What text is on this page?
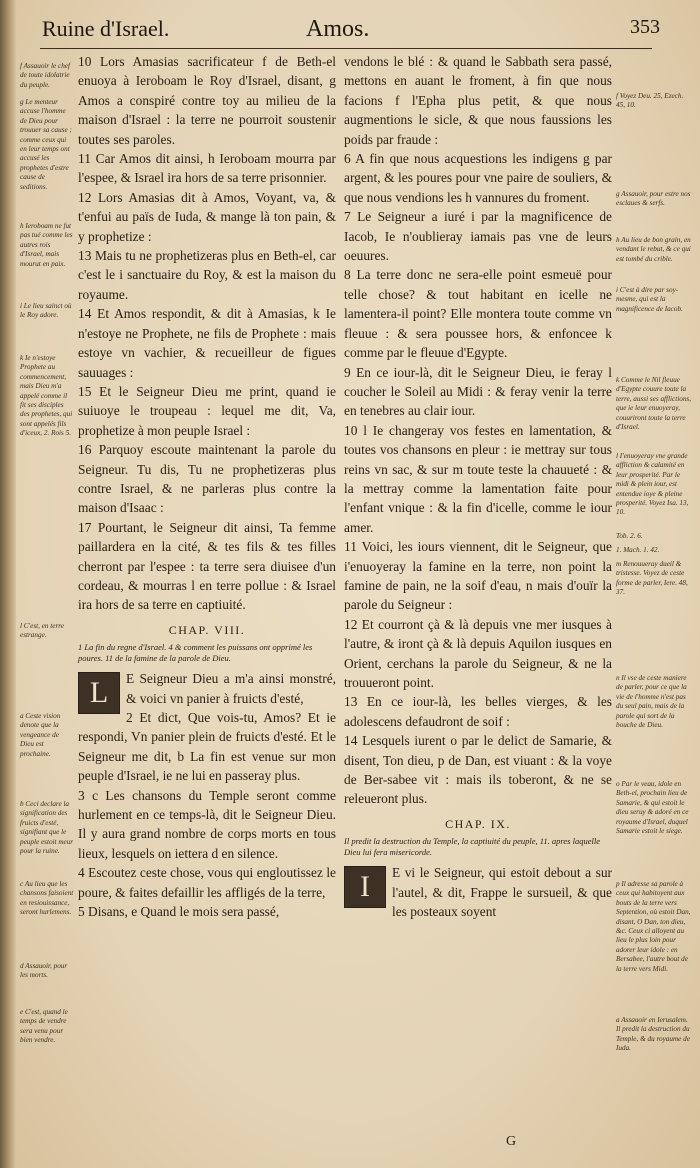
Ruine d'Israel.	Amos.	353
f Assauoir le chef de toute idolatrie du peuple.
g Le menteur accuse l'homme de Dieu pour trouuer sa cause ; comme ceux qui en leur temps ont accusé les prophetes d'estre cause de seditions.
h Ieroboam ne fut pas tué comme les autres rois d'Israel, mais mourut en paix.
i Le lieu sainct où le Roy adore.
k Ie n'estoye Prophete au commencement, mais Dieu m'a appelé comme il fit ses disciples des prophetes, qui sont appelés fils d'iceux, 2. Rois 5.
l C'est, en terre estrange.
a Ceste vision denote que la vengeance de Dieu est prochaine.
b Ceci declare la signification des fruicts d'esté, signifiant que le peuple estoit meur pour la ruine.
c Au lieu que les chansons faisoient en resiouissance, seront hurlemens.
d Assauoir, pour les morts.
e C'est, quand le temps de vendre sera venu pour bien vendre.

10 Lors Amasias sacrificateur f de Beth-el enuoya à Ieroboam le Roy d'Israel, disant, g Amos a conspiré contre toy au milieu de la maison d'Israel : la terre ne pourroit soustenir toutes ses paroles.

11 Car Amos dit ainsi, h Ieroboam mourra par l'espee, & Israel ira hors de sa terre prisonnier.

12 Lors Amasias dit à Amos, Voyant, va, & t'enfui au païs de Iuda, & mange là ton pain, & y prophetize :

13 Mais tu ne prophetizeras plus en Beth-el, car c'est le i sanctuaire du Roy, & est la maison du royaume.

14 Et Amos respondit, & dit à Amasias, k Ie n'estoye ne Prophete, ne fils de Prophete : mais estoye vn vachier, & recueilleur de figues sauuages :

15 Et le Seigneur Dieu me print, quand ie suiuoye le troupeau : lequel me dit, Va, prophetize à mon peuple Israel :

16 Parquoy escoute maintenant la parole du Seigneur. Tu dis, Tu ne prophetizeras plus contre Israel, & ne parleras plus contre la maison d'Isaac :

17 Pourtant, le Seigneur dit ainsi, Ta femme paillardera en la cité, & tes fils & tes filles cherront par l'espee : ta terre sera diuisee d'un cordeau, & mourras l en terre pollue : & Israel ira hors de sa terre en captiuité.

CHAP. VIII.

1 La fin du regne d'Israel. 4 & comment les puissans ont opprimé les poures. 11 de la famine de la parole de Dieu.

L	E Seigneur Dieu a m'a ainsi monstré, & voici vn panier à fruicts d'esté,

2 Et dict, Que vois-tu, Amos? Et ie respondi, Vn panier plein de fruicts d'esté. Et le Seigneur me dit, b La fin est venue sur mon peuple d'Israel, ie ne lui en passeray plus.

3 c Les chansons du Temple seront comme hurlement en ce temps-là, dit le Seigneur Dieu. Il y aura grand nombre de corps morts en tous lieux, lesquels on iettera d en silence.

4 Escoutez ceste chose, vous qui engloutissez le poure, & faites defaillir les affligés de la terre,

5 Disans, e Quand le mois sera passé,

vendons le blé : & quand le Sabbath sera passé, mettons en auant le froment, à fin que nous facions f l'Epha plus petit, & que nous augmentions le sicle, & que nous faussions les poids par fraude :

6 A fin que nous acquestions les indigens g par argent, & les poures pour vne paire de souliers, & que nous vendions les h vannures du froment.

7 Le Seigneur a iuré i par la magnificence de Iacob, Ie n'oublieray iamais pas vne de leurs oeuures.

8 La terre donc ne sera-elle point esmeuë pour telle chose? & tout habitant en icelle ne lamentera-il point? Elle montera toute comme vn fleuue : & sera poussee hors, & enfoncee k comme par le fleuue d'Egypte.

9 En ce iour-là, dit le Seigneur Dieu, ie feray l coucher le Soleil au Midi : & feray venir la terre en tenebres au clair iour.

10 l Ie changeray vos festes en lamentation, & toutes vos chansons en pleur : ie mettray sur tous reins vn sac, & sur m toute teste la chauueté : & la mettray comme la lamentation faite pour l'enfant vnique : & la fin d'icelle, comme le iour amer.

11 Voici, les iours viennent, dit le Seigneur, que i'enuoyeray la famine en la terre, non point la famine de pain, ne la soif d'eau, n mais d'ouïr la parole du Seigneur :

12 Et courront çà & là depuis vne mer iusques à l'autre, & iront çà & là depuis Aquilon iusques en Orient, cerchans la parole du Seigneur, & ne la trouueront point.

13 En ce iour-là, les belles vierges, & les adolescens defaudront de soif :

14 Lesquels iurent o par le delict de Samarie, & disent, Ton dieu, p de Dan, est viuant : & la voye de Ber-sabee vit : mais ils toberont, & ne se releueront plus.

CHAP. IX.

Il predit la destruction du Temple, la captiuité du peuple, 11. apres laquelle Dieu lui fera misericorde.

I	E vi le Seigneur, qui estoit debout a sur l'autel, & dit, Frappe le sursueil, & que les posteaux soyent

G
f Voyez Deu. 25, Ezech. 45, 10.
g Assauoir, pour estre nos esclaues & serfs.
h Au lieu de bon grain, en vendant le rebut, & ce qui est tombé du crible.
i C'est à dire par soy-mesme, qui est la magnificence de Iacob.
k Comme le Nil fleuue d'Egypte couure toute la terre, aussi ses afflictions, que ie leur enuoyeray, couuriront toute la terre d'Israel.
l I'enuoyeray vne grande affliction & calamité en leur prosperité. Par le midi & plein iour, est entendue ioye & pleine prosperité. Voyez Isa. 13, 10.
Tob. 2. 6.
1. Mach. 1. 42.
m Renouueray dueil & tristesse. Voyez de ceste forme de parler, Iere. 48, 37.
n Il vse de ceste maniere de parler, pour ce que la vie de l'homme n'est pas du seul pain, mais de la parole qui sort de la bouche de Dieu.
o Par le veau, idole en Beth-el, prochain lieu de Samarie, & qui estoit le dieu seruy & adoré en ce royaume d'Israel, duquel Samarie estoit le siege.
p Il adresse sa parole à ceux qui habitoyent aux bouts de la terre vers Septention, où estoit Dan, disant, O Dan, ton dieu, &c. Ceux ci alloyent au lieu le plus loin pour adorer leur idole : en Bersabee, l'autre bout de la terre vers Midi.
a Assauoir en Ierusalem. Il predit la destruction du Temple, & du royaume de Iuda.
